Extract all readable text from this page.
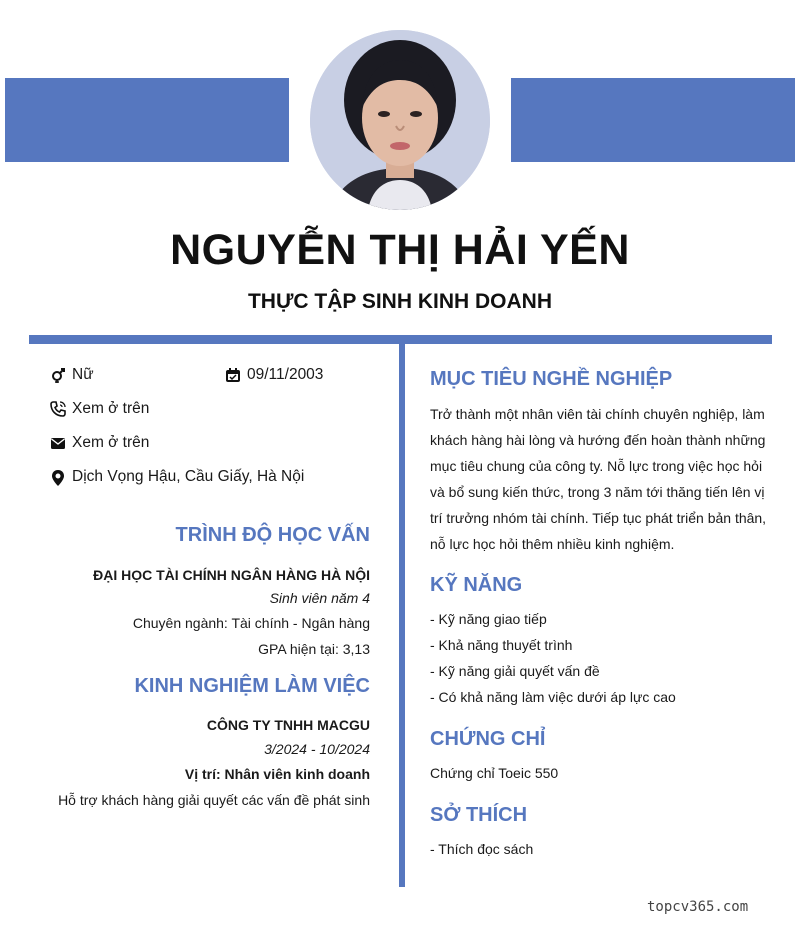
NGUYỄN THỊ HẢI YẾN
THỰC TẬP SINH KINH DOANH
Nữ	09/11/2003
Xem ở trên
Xem ở trên
Dịch Vọng Hậu, Cầu Giấy, Hà Nội
TRÌNH ĐỘ HỌC VẤN
ĐẠI HỌC TÀI CHÍNH NGÂN HÀNG HÀ NỘI
Sinh viên năm 4
Chuyên ngành: Tài chính - Ngân hàng
GPA hiện tại: 3,13
KINH NGHIỆM LÀM VIỆC
CÔNG TY TNHH MACGU
3/2024 - 10/2024
Vị trí: Nhân viên kinh doanh
Hỗ trợ khách hàng giải quyết các vấn đề phát sinh
MỤC TIÊU NGHỀ NGHIỆP
Trở thành một nhân viên tài chính chuyên nghiệp, làm khách hàng hài lòng và hướng đến hoàn thành những mục tiêu chung của công ty. Nỗ lực trong việc học hỏi và bổ sung kiến thức, trong 3 năm tới thăng tiến lên vị trí trưởng nhóm tài chính. Tiếp tục phát triển bản thân, nỗ lực học hỏi thêm nhiều kinh nghiệm.
KỸ NĂNG
- Kỹ năng giao tiếp
- Khả năng thuyết trình
- Kỹ năng giải quyết vấn đề
- Có khả năng làm việc dưới áp lực cao
CHỨNG CHỈ
Chứng chỉ Toeic 550
SỞ THÍCH
- Thích đọc sách
topcv365.com
